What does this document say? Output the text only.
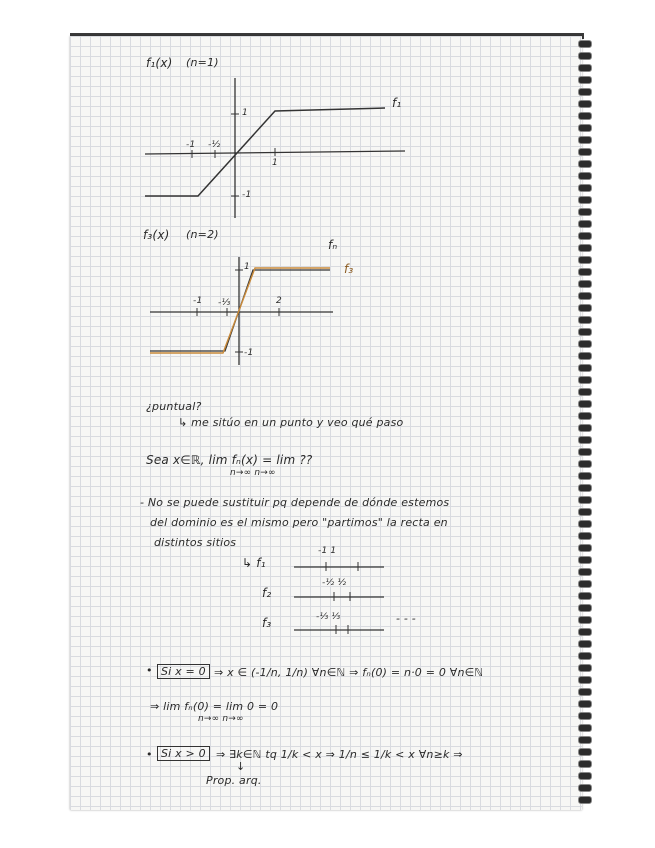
f₁(x) (n=1)
-1 -½
1
1
-1
f₁
f₃(x) (n=2)
-1 -⅓	2
1
-1
fₙ
f₃
¿puntual?
↳ me sitúo en un punto y veo qué paso
Sea x∈ℝ, lim fₙ(x) = lim ??
n→∞ n→∞
- No se puede sustituir pq depende de dónde estemos
del dominio es el mismo pero "partimos" la recta en
distintos sitios
↳ f₁
-1 1
f₂
-½ ½
f₃	-⅓ ⅓	- - -
• Si x = 0 ⇒ x ∈ (-1/n, 1/n) ∀n∈ℕ ⇒ fₙ(0) = n·0 = 0 ∀n∈ℕ
⇒ lim fₙ(0) = lim 0 = 0
n→∞ n→∞
• Si x > 0 ⇒ ∃k∈ℕ tq 1/k < x ⇒ 1/n ≤ 1/k < x ∀n≥k ⇒
↓
Prop. arq.
